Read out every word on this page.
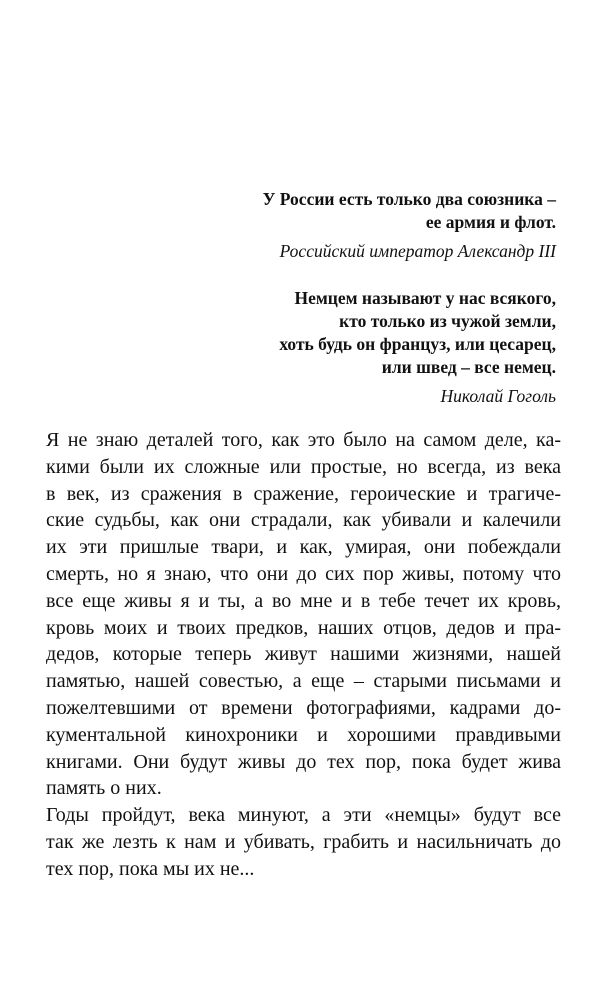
У России есть только два союзника –
ее армия и флот.
Российский император Александр III
Немцем называют у нас всякого,
кто только из чужой земли,
хоть будь он француз, или цесарец,
или швед – все немец.
Николай Гоголь
Я не знаю деталей того, как это было на самом деле, ка-
кими были их сложные или простые, но всегда, из века
в век, из сражения в сражение, героические и трагиче-
ские судьбы, как они страдали, как убивали и калечили
их эти пришлые твари, и как, умирая, они побеждали
смерть, но я знаю, что они до сих пор живы, потому что
все еще живы я и ты, а во мне и в тебе течет их кровь,
кровь моих и твоих предков, наших отцов, дедов и пра-
дедов, которые теперь живут нашими жизнями, нашей
памятью, нашей совестью, а еще – старыми письмами и
пожелтевшими от времени фотографиями, кадрами до-
кументальной кинохроники и хорошими правдивыми
книгами. Они будут живы до тех пор, пока будет жива
память о них.
Годы пройдут, века минуют, а эти «немцы» будут все
так же лезть к нам и убивать, грабить и насильничать до
тех пор, пока мы их не...
